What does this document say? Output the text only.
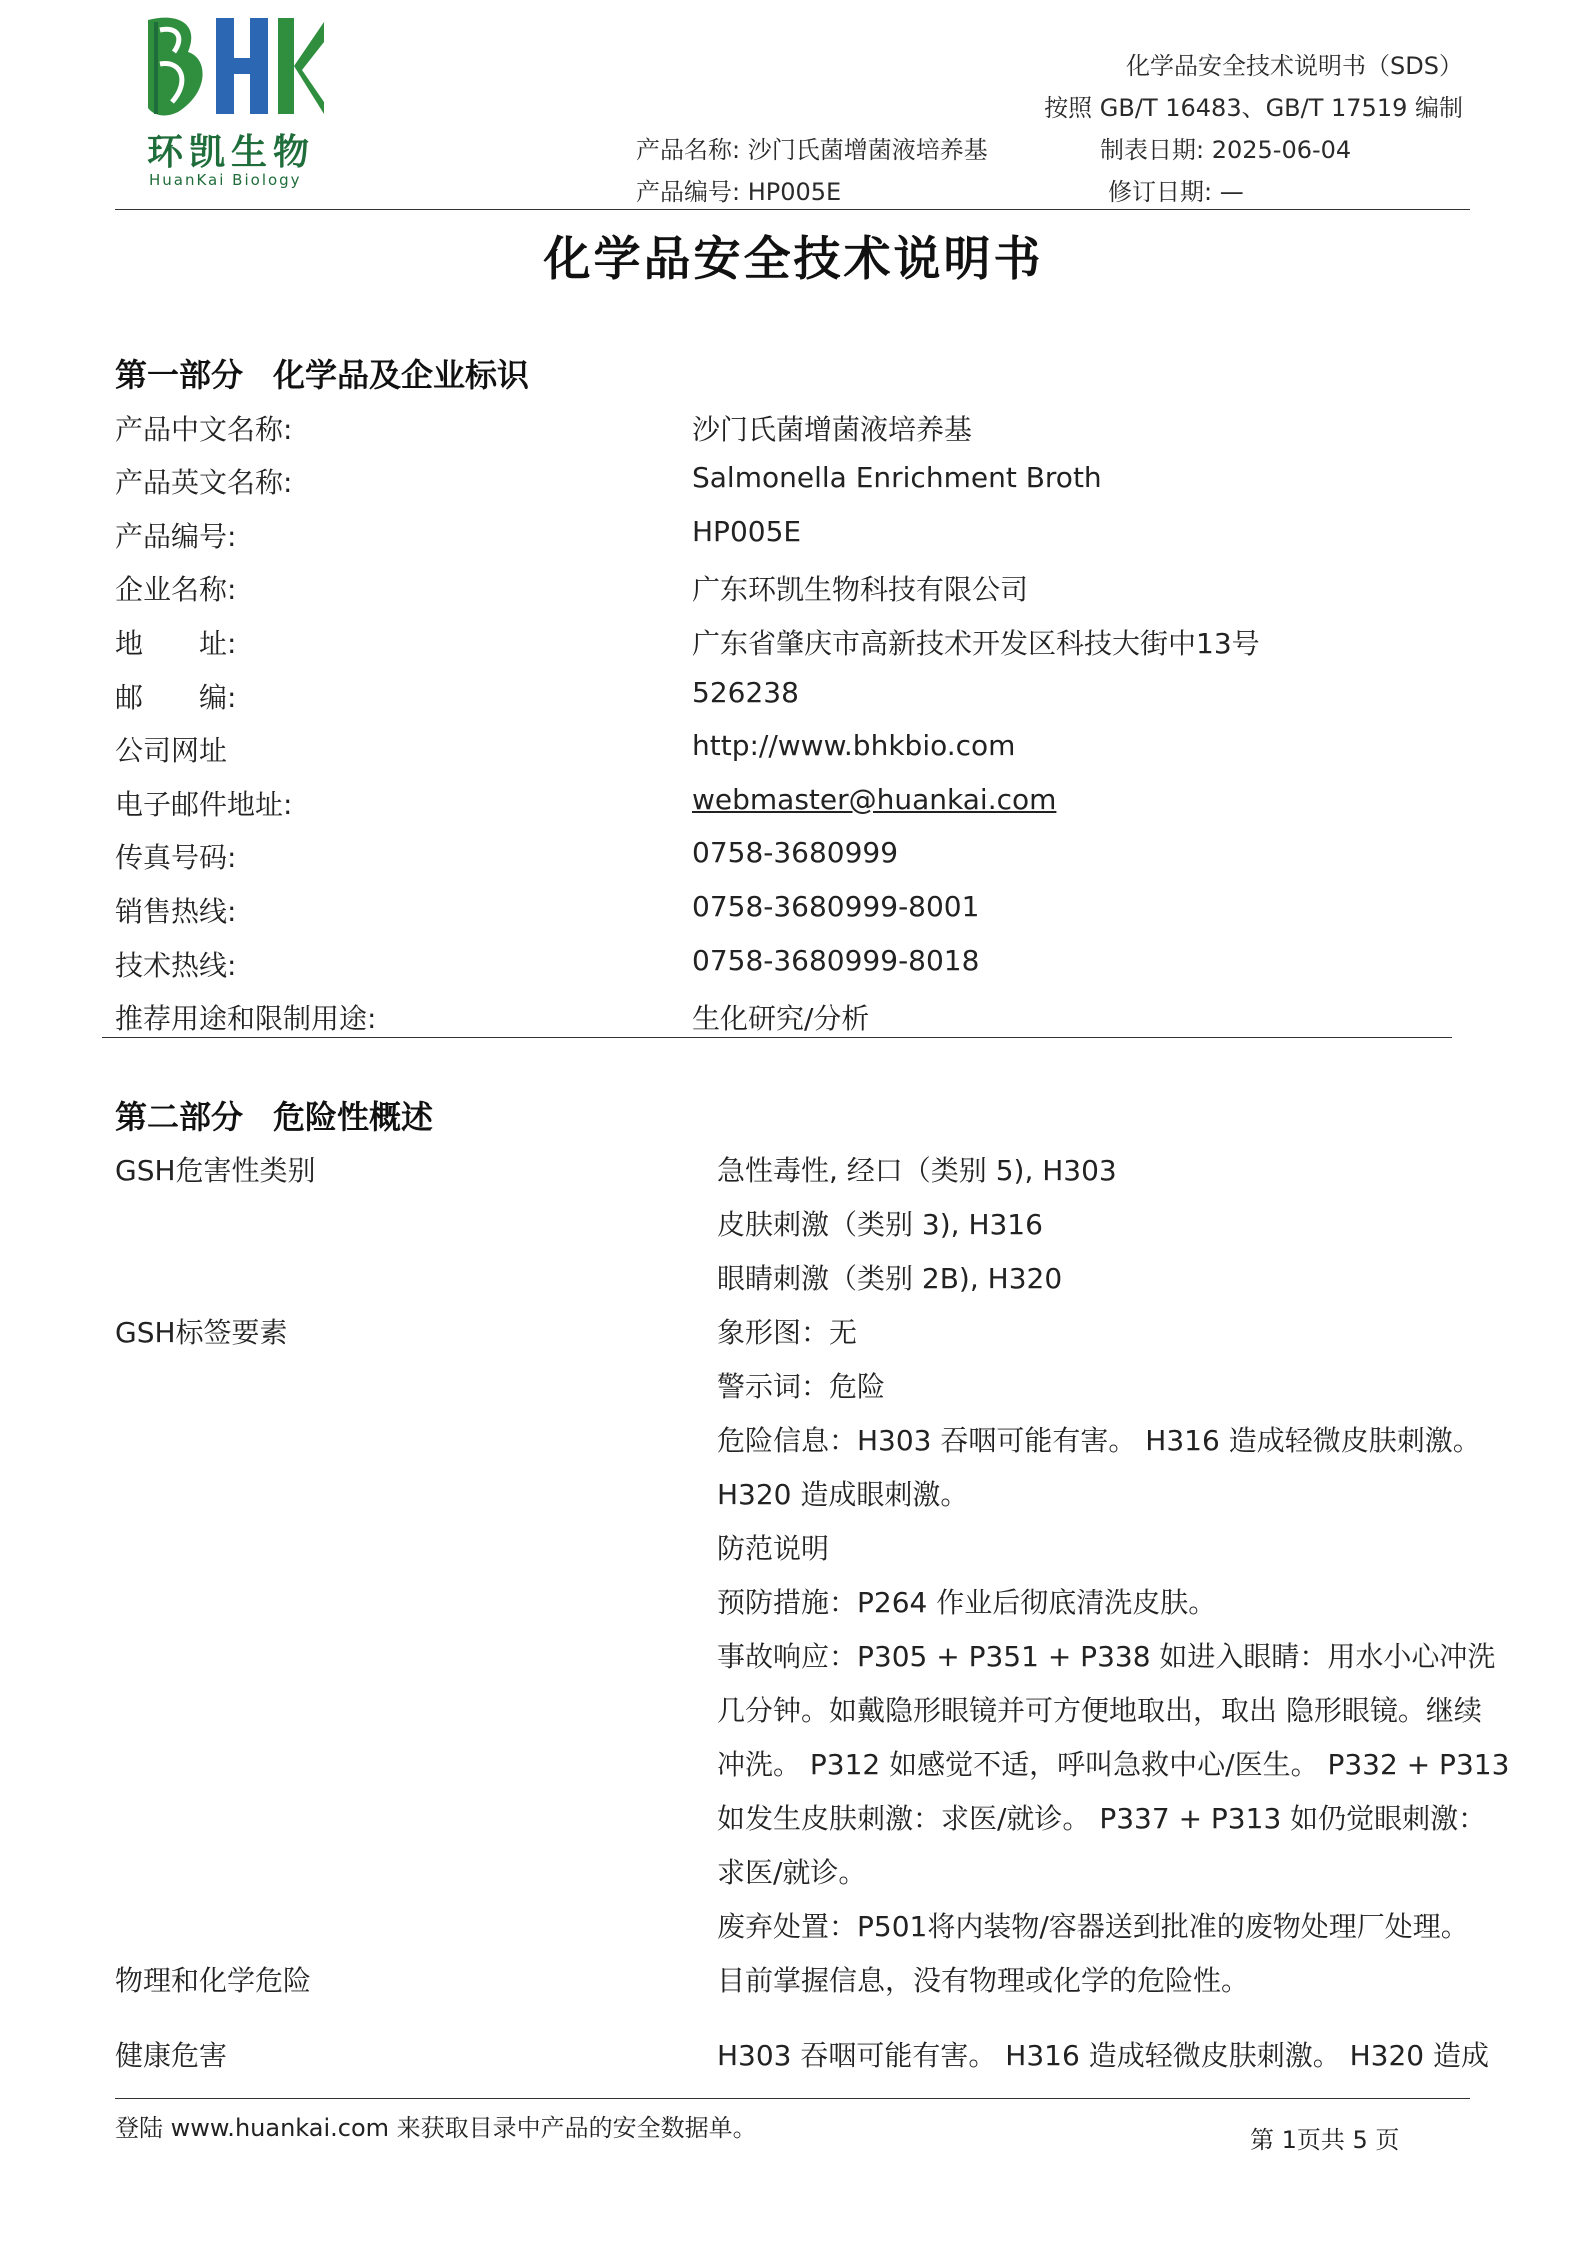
环凯生物
HuanKai Biology
化学品安全技术说明书（SDS）
按照 GB/T 16483、GB/T 17519 编制
产品名称: 沙门氏菌增菌液培养基
产品编号: HP005E
制表日期: 2025-06-04
修订日期: —
化学品安全技术说明书
第一部分 化学品及企业标识
产品中文名称:	沙门氏菌增菌液培养基
产品英文名称:	Salmonella Enrichment Broth
产品编号:	HP005E
企业名称:	广东环凯生物科技有限公司
地　　址:	广东省肇庆市高新技术开发区科技大街中13号
邮　　编:	526238
公司网址	http://www.bhkbio.com
电子邮件地址:	webmaster@huankai.com
传真号码:	0758-3680999
销售热线:	0758-3680999-8001
技术热线:	0758-3680999-8018
推荐用途和限制用途:	生化研究/分析
第二部分 危险性概述
GSH危害性类别	急性毒性, 经口（类别 5), H303
皮肤刺激（类别 3), H316
眼睛刺激（类别 2B), H320
GSH标签要素	象形图：无
警示词：危险
危险信息：H303 吞咽可能有害。 H316 造成轻微皮肤刺激。
H320 造成眼刺激。
防范说明
预防措施：P264 作业后彻底清洗皮肤。
事故响应：P305 + P351 + P338 如进入眼睛：用水小心冲洗
几分钟。如戴隐形眼镜并可方便地取出，取出 隐形眼镜。继续
冲洗。 P312 如感觉不适，呼叫急救中心/医生。 P332 + P313
如发生皮肤刺激：求医/就诊。 P337 + P313 如仍觉眼刺激：
求医/就诊。
废弃处置：P501将内装物/容器送到批准的废物处理厂处理。
物理和化学危险	目前掌握信息，没有物理或化学的危险性。
健康危害	H303 吞咽可能有害。 H316 造成轻微皮肤刺激。 H320 造成
登陆 www.huankai.com 来获取目录中产品的安全数据单。	第 1页共 5 页
